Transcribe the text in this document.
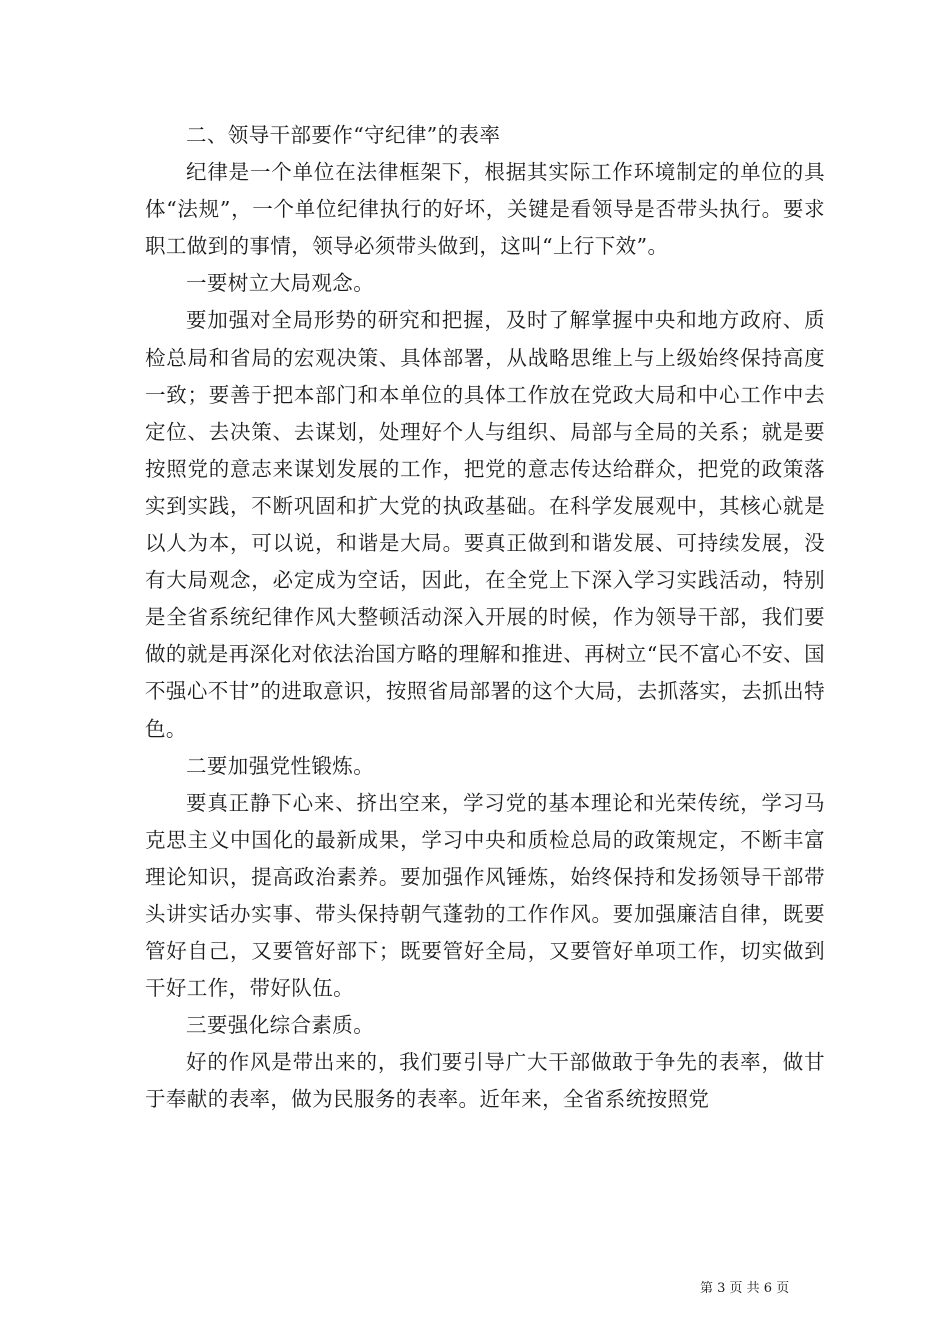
二、领导干部要作“守纪律”的表率

纪律是一个单位在法律框架下，根据其实际工作环境制定的单位的具体“法规”，一个单位纪律执行的好坏，关键是看领导是否带头执行。要求职工做到的事情，领导必须带头做到，这叫“上行下效”。

一要树立大局观念。

要加强对全局形势的研究和把握，及时了解掌握中央和地方政府、质检总局和省局的宏观决策、具体部署，从战略思维上与上级始终保持高度一致；要善于把本部门和本单位的具体工作放在党政大局和中心工作中去定位、去决策、去谋划，处理好个人与组织、局部与全局的关系；就是要按照党的意志来谋划发展的工作，把党的意志传达给群众，把党的政策落实到实践，不断巩固和扩大党的执政基础。在科学发展观中，其核心就是以人为本，可以说，和谐是大局。要真正做到和谐发展、可持续发展，没有大局观念，必定成为空话，因此，在全党上下深入学习实践活动，特别是全省系统纪律作风大整顿活动深入开展的时候，作为领导干部，我们要做的就是再深化对依法治国方略的理解和推进、再树立“民不富心不安、国不强心不甘”的进取意识，按照省局部署的这个大局，去抓落实，去抓出特色。

二要加强党性锻炼。

要真正静下心来、挤出空来，学习党的基本理论和光荣传统，学习马克思主义中国化的最新成果，学习中央和质检总局的政策规定，不断丰富理论知识，提高政治素养。要加强作风锤炼，始终保持和发扬领导干部带头讲实话办实事、带头保持朝气蓬勃的工作作风。要加强廉洁自律，既要管好自己，又要管好部下；既要管好全局，又要管好单项工作，切实做到干好工作，带好队伍。

三要强化综合素质。

好的作风是带出来的，我们要引导广大干部做敢于争先的表率，做甘于奉献的表率，做为民服务的表率。近年来，全省系统按照党

第 3 页 共 6 页
